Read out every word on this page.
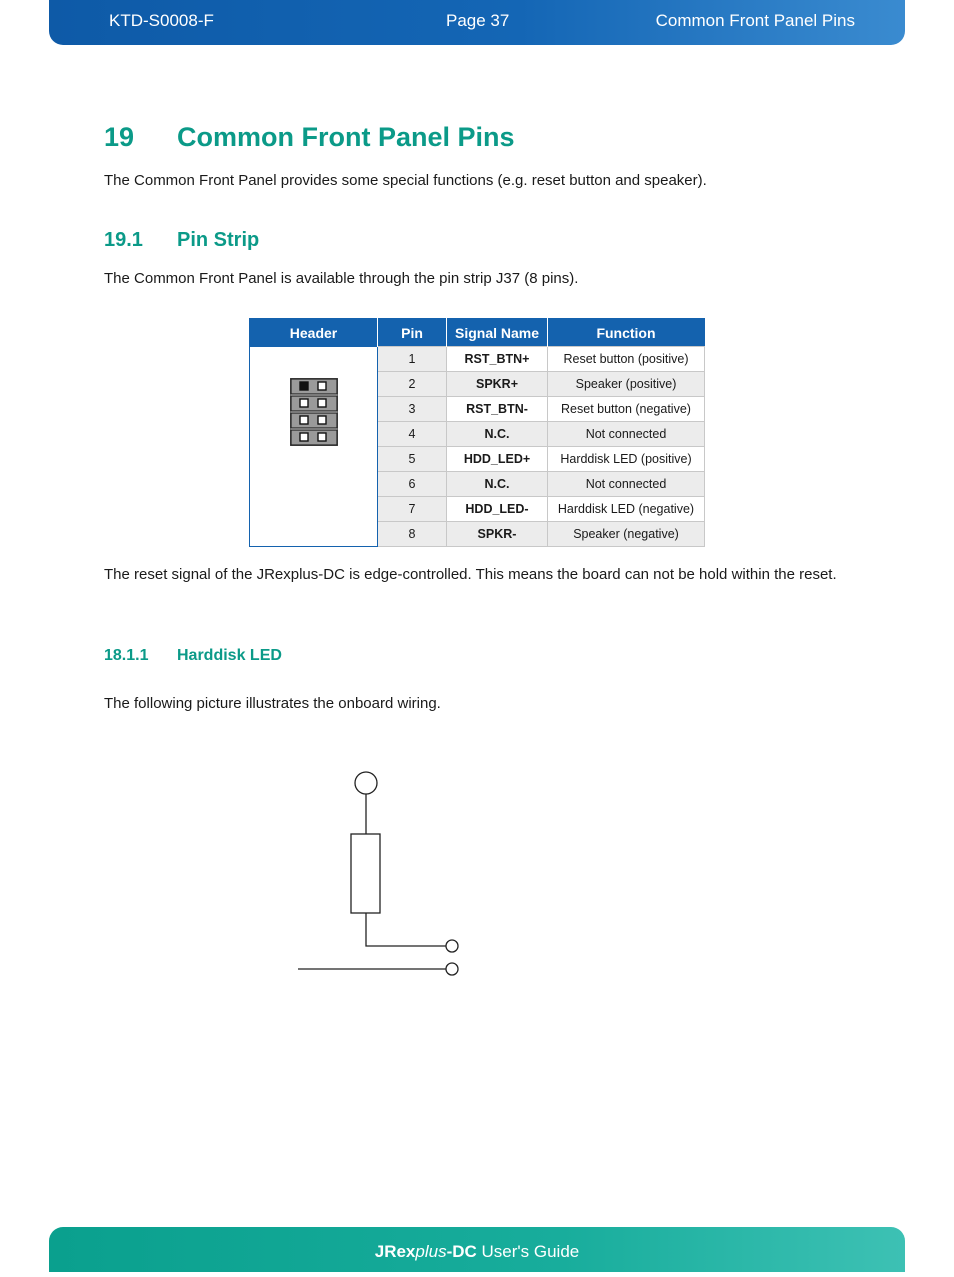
KTD-S0008-F	Page 37	Common Front Panel Pins
19 Common Front Panel Pins

The Common Front Panel provides some special functions (e.g. reset button and speaker).

19.1 Pin Strip

The Common Front Panel is available through the pin strip J37 (8 pins).

Header	Pin	Signal Name	Function

	1	RST_BTN+	Reset button (positive)
	2	SPKR+	Speaker (positive)
	3	RST_BTN-	Reset button (negative)
	4	N.C.	Not connected
	5	HDD_LED+	Harddisk LED (positive)
	6	N.C.	Not connected
	7	HDD_LED-	Harddisk LED (negative)
	8	SPKR-	Speaker (negative)

The reset signal of the JRexplus-DC is edge-controlled. This means the board can not be hold within the reset.

18.1.1 Harddisk LED

The following picture illustrates the onboard wiring.

JRexplus-DC User's Guide
